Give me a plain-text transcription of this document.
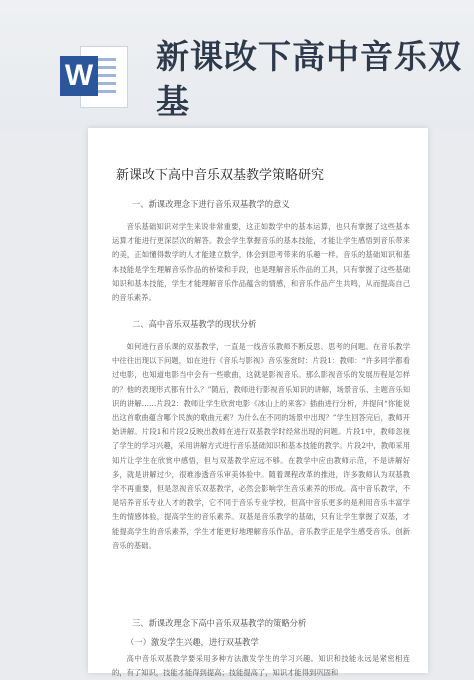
W 新课改下高中音乐双基
新课改下高中音乐双基教学策略研究
一、新课改理念下进行音乐双基教学的意义

音乐基础知识对学生来说非常重要，这正如数学中的基本运算，也只有掌握了这些基本运算才能进行更深层次的解答。教会学生掌握音乐的基本技能，才能让学生感悟到音乐带来的美，正如懂得数学的人才能建立数学，体会到思考带来的乐趣一样。音乐的基础知识和基本技能是学生理解音乐作品的桥梁和手段，也是理解音乐作品的工具，只有掌握了这些基础知识和基本技能，学生才能理解音乐作品蕴含的情感，和音乐作品产生共鸣，从而提高自己的音乐素养。

二、高中音乐双基教学的现状分析

如何进行音乐课的双基教学，一直是一线音乐教师不断反思、思考的问题。在音乐教学中往往出现以下问题，如在进行《音乐与影视》音乐鉴赏时：片段1：教师：“许多同学都看过电影，也知道电影当中会有一些歌曲，这就是影视音乐。那么影视音乐的发展历程是怎样的？他的表现形式都有什么？”随后，教师进行影视音乐知识的讲解，场景音乐、主题音乐知识的讲解……片段2：教师让学生欣赏电影《冰山上的来客》插曲进行分析，并提问“你能说出这首歌曲蕴含哪个民族的歌曲元素？为什么在不同的场景中出现？”学生回答完后，教师开始讲解。片段1和片段2反映出教师在进行双基教学时经常出现的问题。片段1中，教师忽视了学生的学习兴趣，采用讲解方式进行音乐基础知识和基本技能的教学。片段2中，教师采用知片让学生在欣赏中感悟，但与双基教学应远不够。在教学中应由教师示范，不是讲解好多，就是讲解过少，很难渗透音乐审美体验中。随着课程改革的推进，许多教师认为双基教学不再重要，但是忽视音乐双基教学，必然会影响学生音乐素养的形成。高中音乐教学，不是培养音乐专业人才的教学，它不同于音乐专业学校，但高中音乐更多的是利用音乐丰富学生的情感体验，提高学生的音乐素养。双基是音乐教学的基础，只有让学生掌握了双基，才能提高学生的音乐素养，学生才能更好地理解音乐作品，音乐教学正是学生感受音乐、创新音乐的基础。

三、新课改理念下高中音乐双基教学的策略分析
（一）激发学生兴趣，进行双基教学

高中音乐双基教学要采用多种方法激发学生的学习兴趣。知识和技能永远是紧密相连的，有了知识，技能才能得到提高；技能提高了，知识才能得到巩固和
